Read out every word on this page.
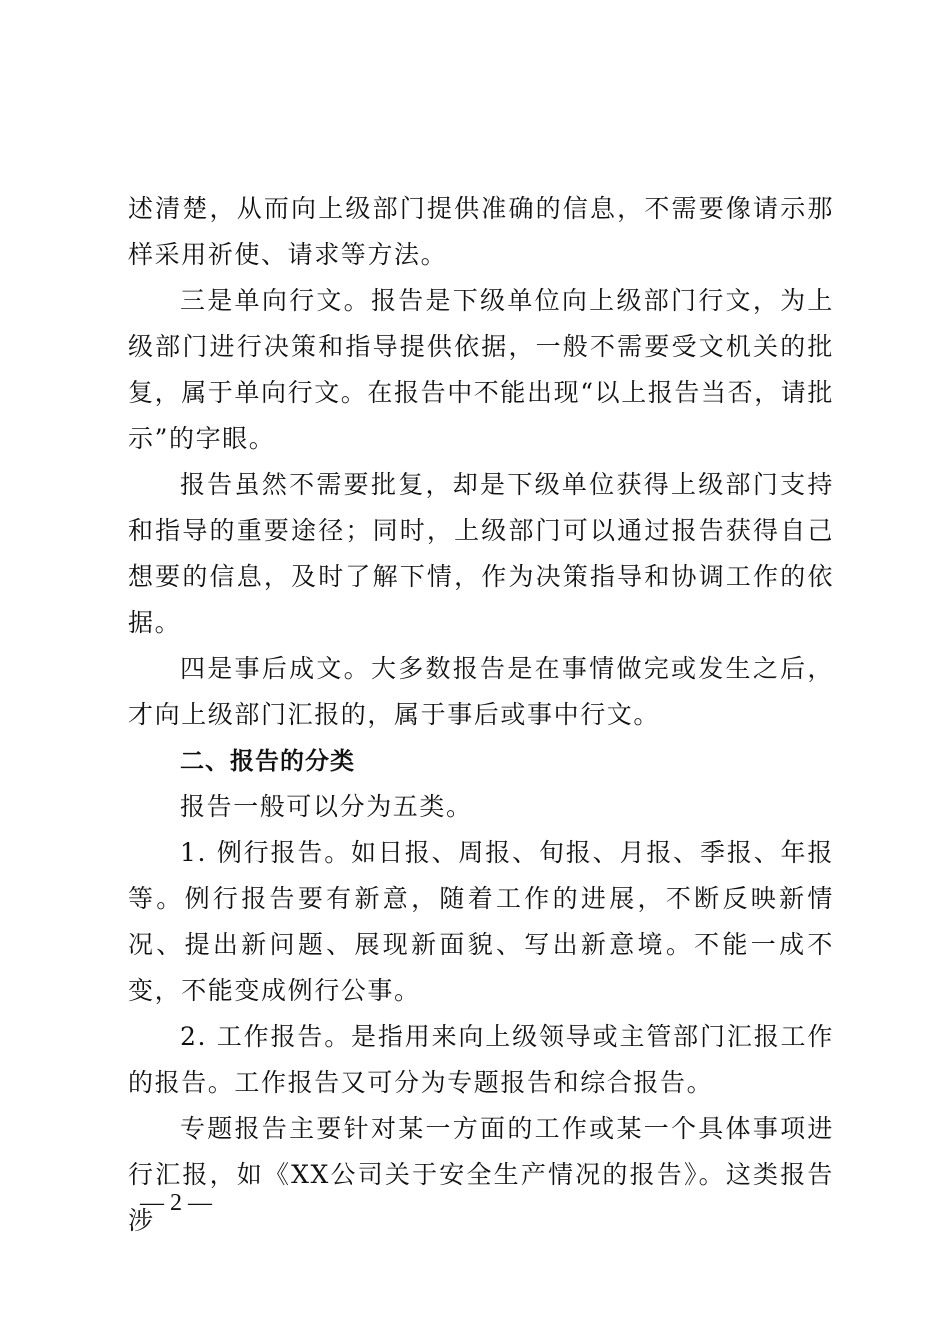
述清楚，从而向上级部门提供准确的信息，不需要像请示那样采用祈使、请求等方法。

三是单向行文。报告是下级单位向上级部门行文，为上级部门进行决策和指导提供依据，一般不需要受文机关的批复，属于单向行文。在报告中不能出现“以上报告当否，请批示”的字眼。

报告虽然不需要批复，却是下级单位获得上级部门支持和指导的重要途径；同时，上级部门可以通过报告获得自己想要的信息，及时了解下情，作为决策指导和协调工作的依据。

四是事后成文。大多数报告是在事情做完或发生之后，才向上级部门汇报的，属于事后或事中行文。

二、报告的分类

报告一般可以分为五类。

1. 例行报告。如日报、周报、旬报、月报、季报、年报等。例行报告要有新意，随着工作的进展，不断反映新情况、提出新问题、展现新面貌、写出新意境。不能一成不变，不能变成例行公事。

2. 工作报告。是指用来向上级领导或主管部门汇报工作的报告。工作报告又可分为专题报告和综合报告。

专题报告主要针对某一方面的工作或某一个具体事项进行汇报，如《XX公司关于安全生产情况的报告》。这类报告涉

— 2 —
